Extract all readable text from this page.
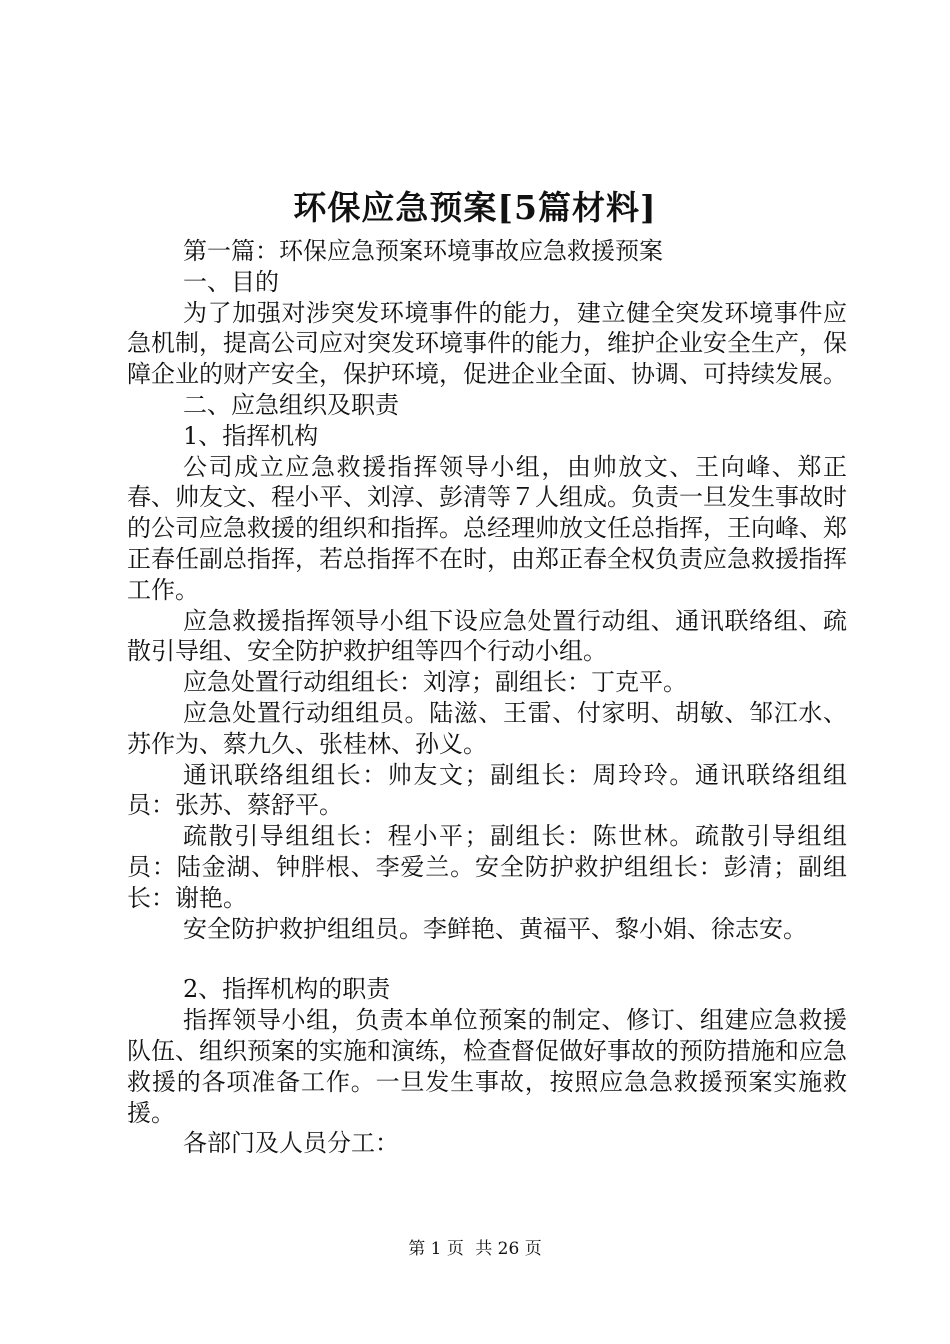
环保应急预案[5篇材料]

第一篇：环保应急预案环境事故应急救援预案

一、目的

为了加强对涉突发环境事件的能力，建立健全突发环境事件应急机制，提高公司应对突发环境事件的能力，维护企业安全生产，保障企业的财产安全，保护环境，促进企业全面、协调、可持续发展。

二、应急组织及职责

1、指挥机构

公司成立应急救援指挥领导小组，由帅放文、王向峰、郑正春、帅友文、程小平、刘淳、彭清等７人组成。负责一旦发生事故时的公司应急救援的组织和指挥。总经理帅放文任总指挥，王向峰、郑正春任副总指挥，若总指挥不在时，由郑正春全权负责应急救援指挥工作。

应急救援指挥领导小组下设应急处置行动组、通讯联络组、疏散引导组、安全防护救护组等四个行动小组。

应急处置行动组组长：刘淳；副组长：丁克平。

应急处置行动组组员。陆滋、王雷、付家明、胡敏、邹江水、苏作为、蔡九久、张桂林、孙义。

通讯联络组组长：帅友文；副组长：周玲玲。通讯联络组组员：张苏、蔡舒平。

疏散引导组组长：程小平；副组长：陈世林。疏散引导组组员：陆金湖、钟胖根、李爱兰。安全防护救护组组长：彭清；副组长：谢艳。

安全防护救护组组员。李鲜艳、黄福平、黎小娟、徐志安。

2、指挥机构的职责

指挥领导小组，负责本单位预案的制定、修订、组建应急救援队伍、组织预案的实施和演练，检查督促做好事故的预防措施和应急救援的各项准备工作。一旦发生事故，按照应急急救援预案实施救援。

各部门及人员分工：

第 1 页 共 26 页
